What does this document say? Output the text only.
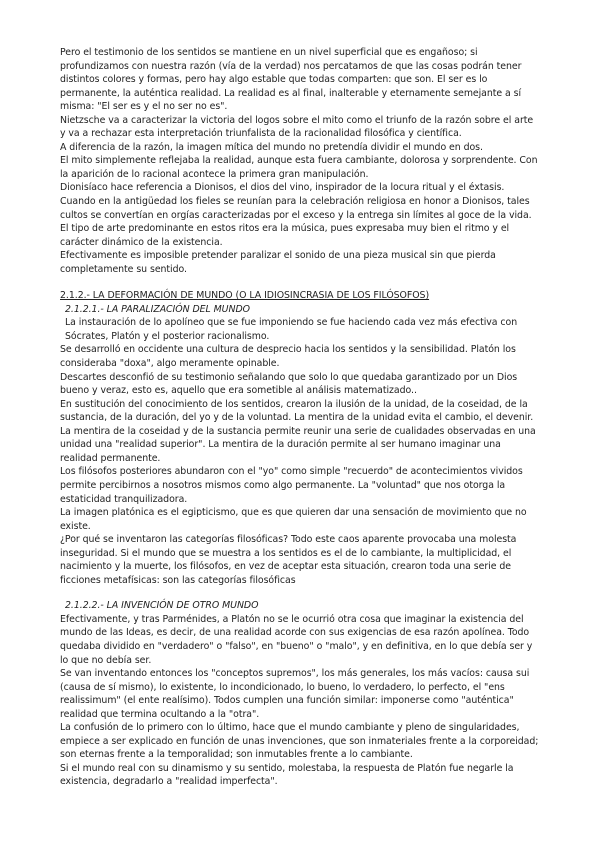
Pero el testimonio de los sentidos se mantiene en un nivel superficial que es engañoso; si profundizamos con nuestra razón (vía de la verdad) nos percatamos de que las cosas podrán tener distintos colores y formas, pero hay algo estable que todas comparten: que son. El ser es lo permanente, la auténtica realidad. La realidad es al final, inalterable y eternamente semejante a sí misma: "El ser es y el no ser no es".

Nietzsche va a caracterizar la victoria del logos sobre el mito como el triunfo de la razón sobre el arte y va a rechazar esta interpretación triunfalista de la racionalidad filosófica y científica.

A diferencia de la razón, la imagen mítica del mundo no pretendía dividir el mundo en dos.

El mito simplemente reflejaba la realidad, aunque esta fuera cambiante, dolorosa y sorprendente. Con la aparición de lo racional acontece la primera gran manipulación.

Dionisíaco hace referencia a Dionisos, el dios del vino, inspirador de la locura ritual y el éxtasis. Cuando en la antigüedad los fieles se reunían para la celebración religiosa en honor a Dionisos, tales cultos se convertían en orgías caracterizadas por el exceso y la entrega sin límites al goce de la vida. El tipo de arte predominante en estos ritos era la música, pues expresaba muy bien el ritmo y el carácter dinámico de la existencia.

Efectivamente es imposible pretender paralizar el sonido de una pieza musical sin que pierda completamente su sentido.

2.1.2.- LA DEFORMACIÓN DE MUNDO (O LA IDIOSINCRASIA DE LOS FILÓSOFOS)

2.1.2.1.- LA PARALIZACIÓN DEL MUNDO

La instauración de lo apolíneo que se fue imponiendo se fue haciendo cada vez más efectiva con Sócrates, Platón y el posterior racionalismo.

Se desarrolló en occidente una cultura de desprecio hacia los sentidos y la sensibilidad. Platón los consideraba "doxa", algo meramente opinable.

Descartes desconfió de su testimonio señalando que solo lo que quedaba garantizado por un Dios bueno y veraz, esto es, aquello que era sometible al análisis matematizado..

En sustitución del conocimiento de los sentidos, crearon la ilusión de la unidad, de la coseidad, de la sustancia, de la duración, del yo y de la voluntad. La mentira de la unidad evita el cambio, el devenir. La mentira de la coseidad y de la sustancia permite reunir una serie de cualidades observadas en una unidad una "realidad superior". La mentira de la duración permite al ser humano imaginar una realidad permanente.

Los filósofos posteriores abundaron con el "yo" como simple "recuerdo" de acontecimientos vividos permite percibirnos a nosotros mismos como algo permanente. La "voluntad" que nos otorga la estaticidad tranquilizadora.

La imagen platónica es el egipticismo, que es que quieren dar una sensación de movimiento que no existe.

¿Por qué se inventaron las categorías filosóficas? Todo este caos aparente provocaba una molesta inseguridad. Si el mundo que se muestra a los sentidos es el de lo cambiante, la multiplicidad, el nacimiento y la muerte, los filósofos, en vez de aceptar esta situación, crearon toda una serie de ficciones metafísicas: son las categorías filosóficas

2.1.2.2.- LA INVENCIÓN DE OTRO MUNDO

Efectivamente, y tras Parménides, a Platón no se le ocurrió otra cosa que imaginar la existencia del mundo de las Ideas, es decir, de una realidad acorde con sus exigencias de esa razón apolínea. Todo quedaba dividido en "verdadero" o "falso", en "bueno" o "malo", y en definitiva, en lo que debía ser y lo que no debía ser.

Se van inventando entonces los "conceptos supremos", los más generales, los más vacíos: causa sui (causa de sí mismo), lo existente, lo incondicionado, lo bueno, lo verdadero, lo perfecto, el "ens realissimum" (el ente realísimo). Todos cumplen una función similar: imponerse como "auténtica" realidad que termina ocultando a la "otra".

La confusión de lo primero con lo último, hace que el mundo cambiante y pleno de singularidades, empiece a ser explicado en función de unas invenciones, que son inmateriales frente a la corporeidad; son eternas frente a la temporalidad; son inmutables frente a lo cambiante.

Si el mundo real con su dinamismo y su sentido, molestaba, la respuesta de Platón fue negarle la existencia, degradarlo a "realidad imperfecta".
